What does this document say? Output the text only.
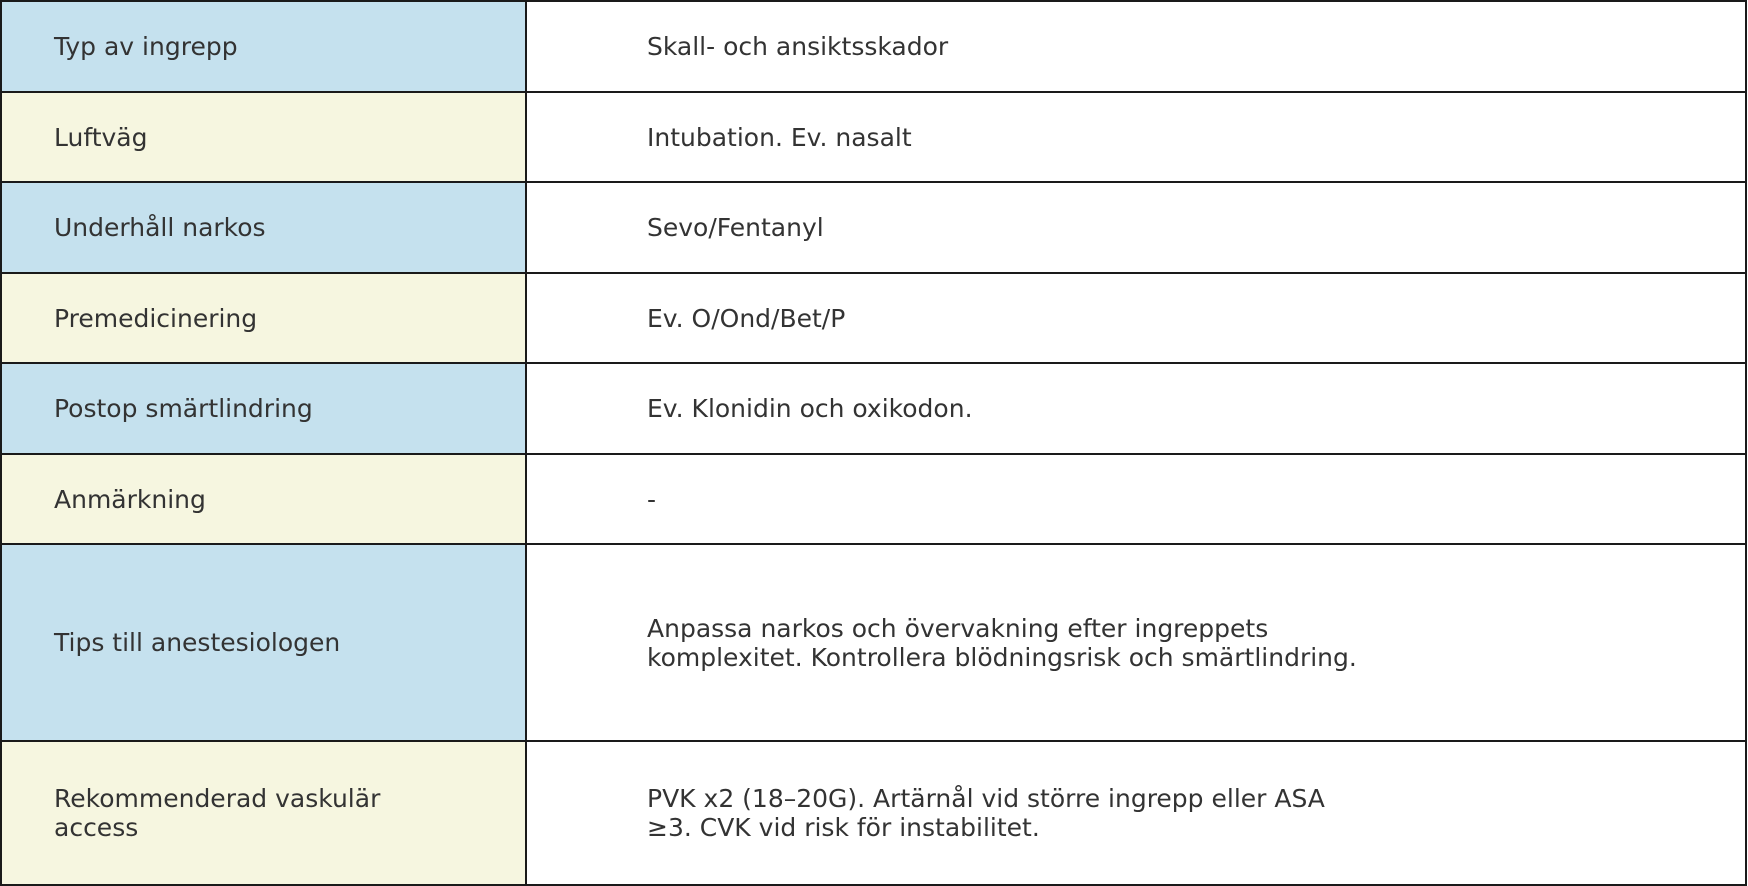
Typ av ingrepp	Skall- och ansiktsskador

Luftväg	Intubation. Ev. nasalt

Underhåll narkos	Sevo/Fentanyl

Premedicinering	Ev. O/Ond/Bet/P

Postop smärtlindring	Ev. Klonidin och oxikodon.

Anmärkning	-

Tips till anestesiologen	Anpassa narkos och övervakning efter ingreppets komplexitet. Kontrollera blödningsrisk och smärtlindring.

Rekommenderad vaskulär access	PVK x2 (18–20G). Artärnål vid större ingrepp eller ASA ≥3. CVK vid risk för instabilitet.
